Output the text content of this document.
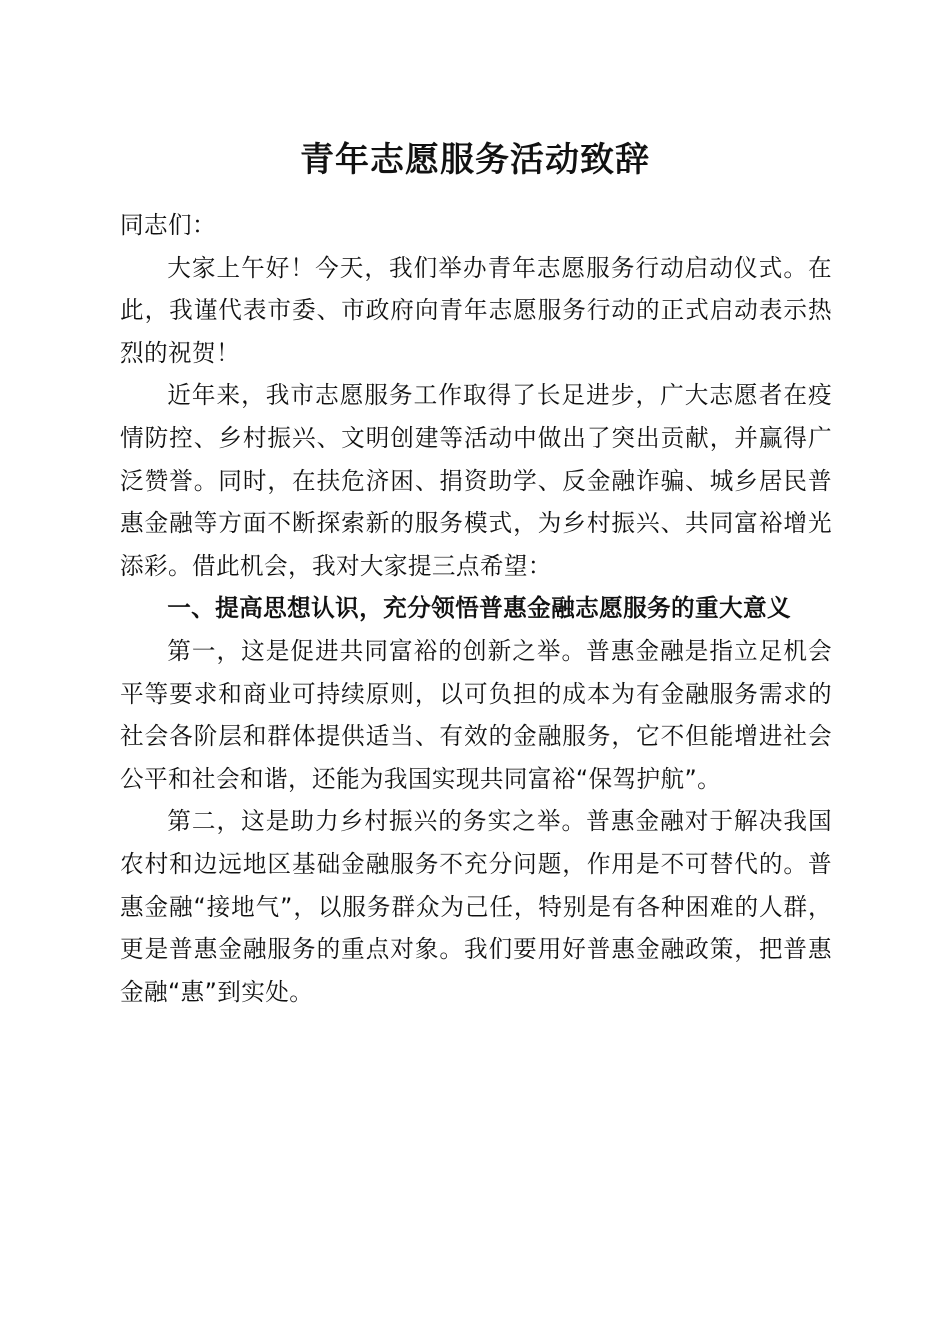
青年志愿服务活动致辞

同志们：

大家上午好！今天，我们举办青年志愿服务行动启动仪式。在此，我谨代表市委、市政府向青年志愿服务行动的正式启动表示热烈的祝贺！

近年来，我市志愿服务工作取得了长足进步，广大志愿者在疫情防控、乡村振兴、文明创建等活动中做出了突出贡献，并赢得广泛赞誉。同时，在扶危济困、捐资助学、反金融诈骗、城乡居民普惠金融等方面不断探索新的服务模式，为乡村振兴、共同富裕增光添彩。借此机会，我对大家提三点希望：

一、提高思想认识，充分领悟普惠金融志愿服务的重大意义

第一，这是促进共同富裕的创新之举。普惠金融是指立足机会平等要求和商业可持续原则，以可负担的成本为有金融服务需求的社会各阶层和群体提供适当、有效的金融服务，它不但能增进社会公平和社会和谐，还能为我国实现共同富裕“保驾护航”。

第二，这是助力乡村振兴的务实之举。普惠金融对于解决我国农村和边远地区基础金融服务不充分问题，作用是不可替代的。普惠金融“接地气”，以服务群众为己任，特别是有各种困难的人群，更是普惠金融服务的重点对象。我们要用好普惠金融政策，把普惠金融“惠”到实处。
